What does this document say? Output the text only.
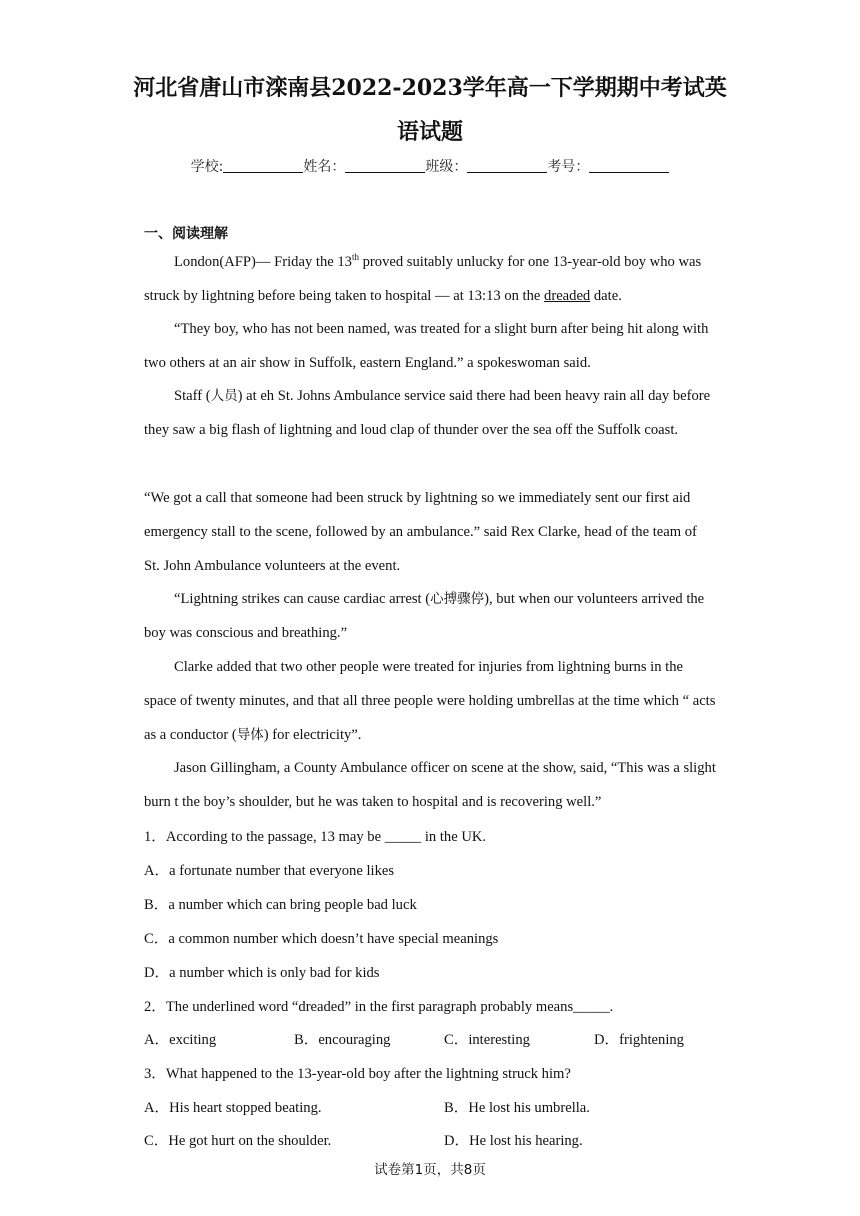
河北省唐山市滦南县2022-2023学年高一下学期期中考试英
语试题
学校:	姓名：	班级：	考号：
一、阅读理解
London(AFP)— Friday the 13th proved suitably unlucky for one 13-year-old boy who was struck by lightning before being taken to hospital — at 13:13 on the dreaded date.
“They boy, who has not been named, was treated for a slight burn after being hit along with two others at an air show in Suffolk, eastern England.” a spokeswoman said.
Staff (人员) at eh St. Johns Ambulance service said there had been heavy rain all day before they saw a big flash of lightning and loud clap of thunder over the sea off the Suffolk coast.
“We got a call that someone had been struck by lightning so we immediately sent our first aid emergency stall to the scene, followed by an ambulance.” said Rex Clarke, head of the team of St. John Ambulance volunteers at the event.
“Lightning strikes can cause cardiac arrest (心搏骤停), but when our volunteers arrived the boy was conscious and breathing.”
Clarke added that two other people were treated for injuries from lightning burns in the space of twenty minutes, and that all three people were holding umbrellas at the time which “ acts as a conductor (导体) for electricity”.
Jason Gillingham, a County Ambulance officer on scene at the show, said, “This was a slight burn t the boy’s shoulder, but he was taken to hospital and is recovering well.”
1．According to the passage, 13 may be _____ in the UK.
A．a fortunate number that everyone likes
B．a number which can bring people bad luck
C．a common number which doesn’t have special meanings
D．a number which is only bad for kids
2．The underlined word “dreaded” in the first paragraph probably means_____.
A．exciting	B．encouraging	C．interesting	D．frightening
3．What happened to the 13-year-old boy after the lightning struck him?
A．His heart stopped beating.	B．He lost his umbrella.
C．He got hurt on the shoulder.	D．He lost his hearing.
试卷第1页，共8页
